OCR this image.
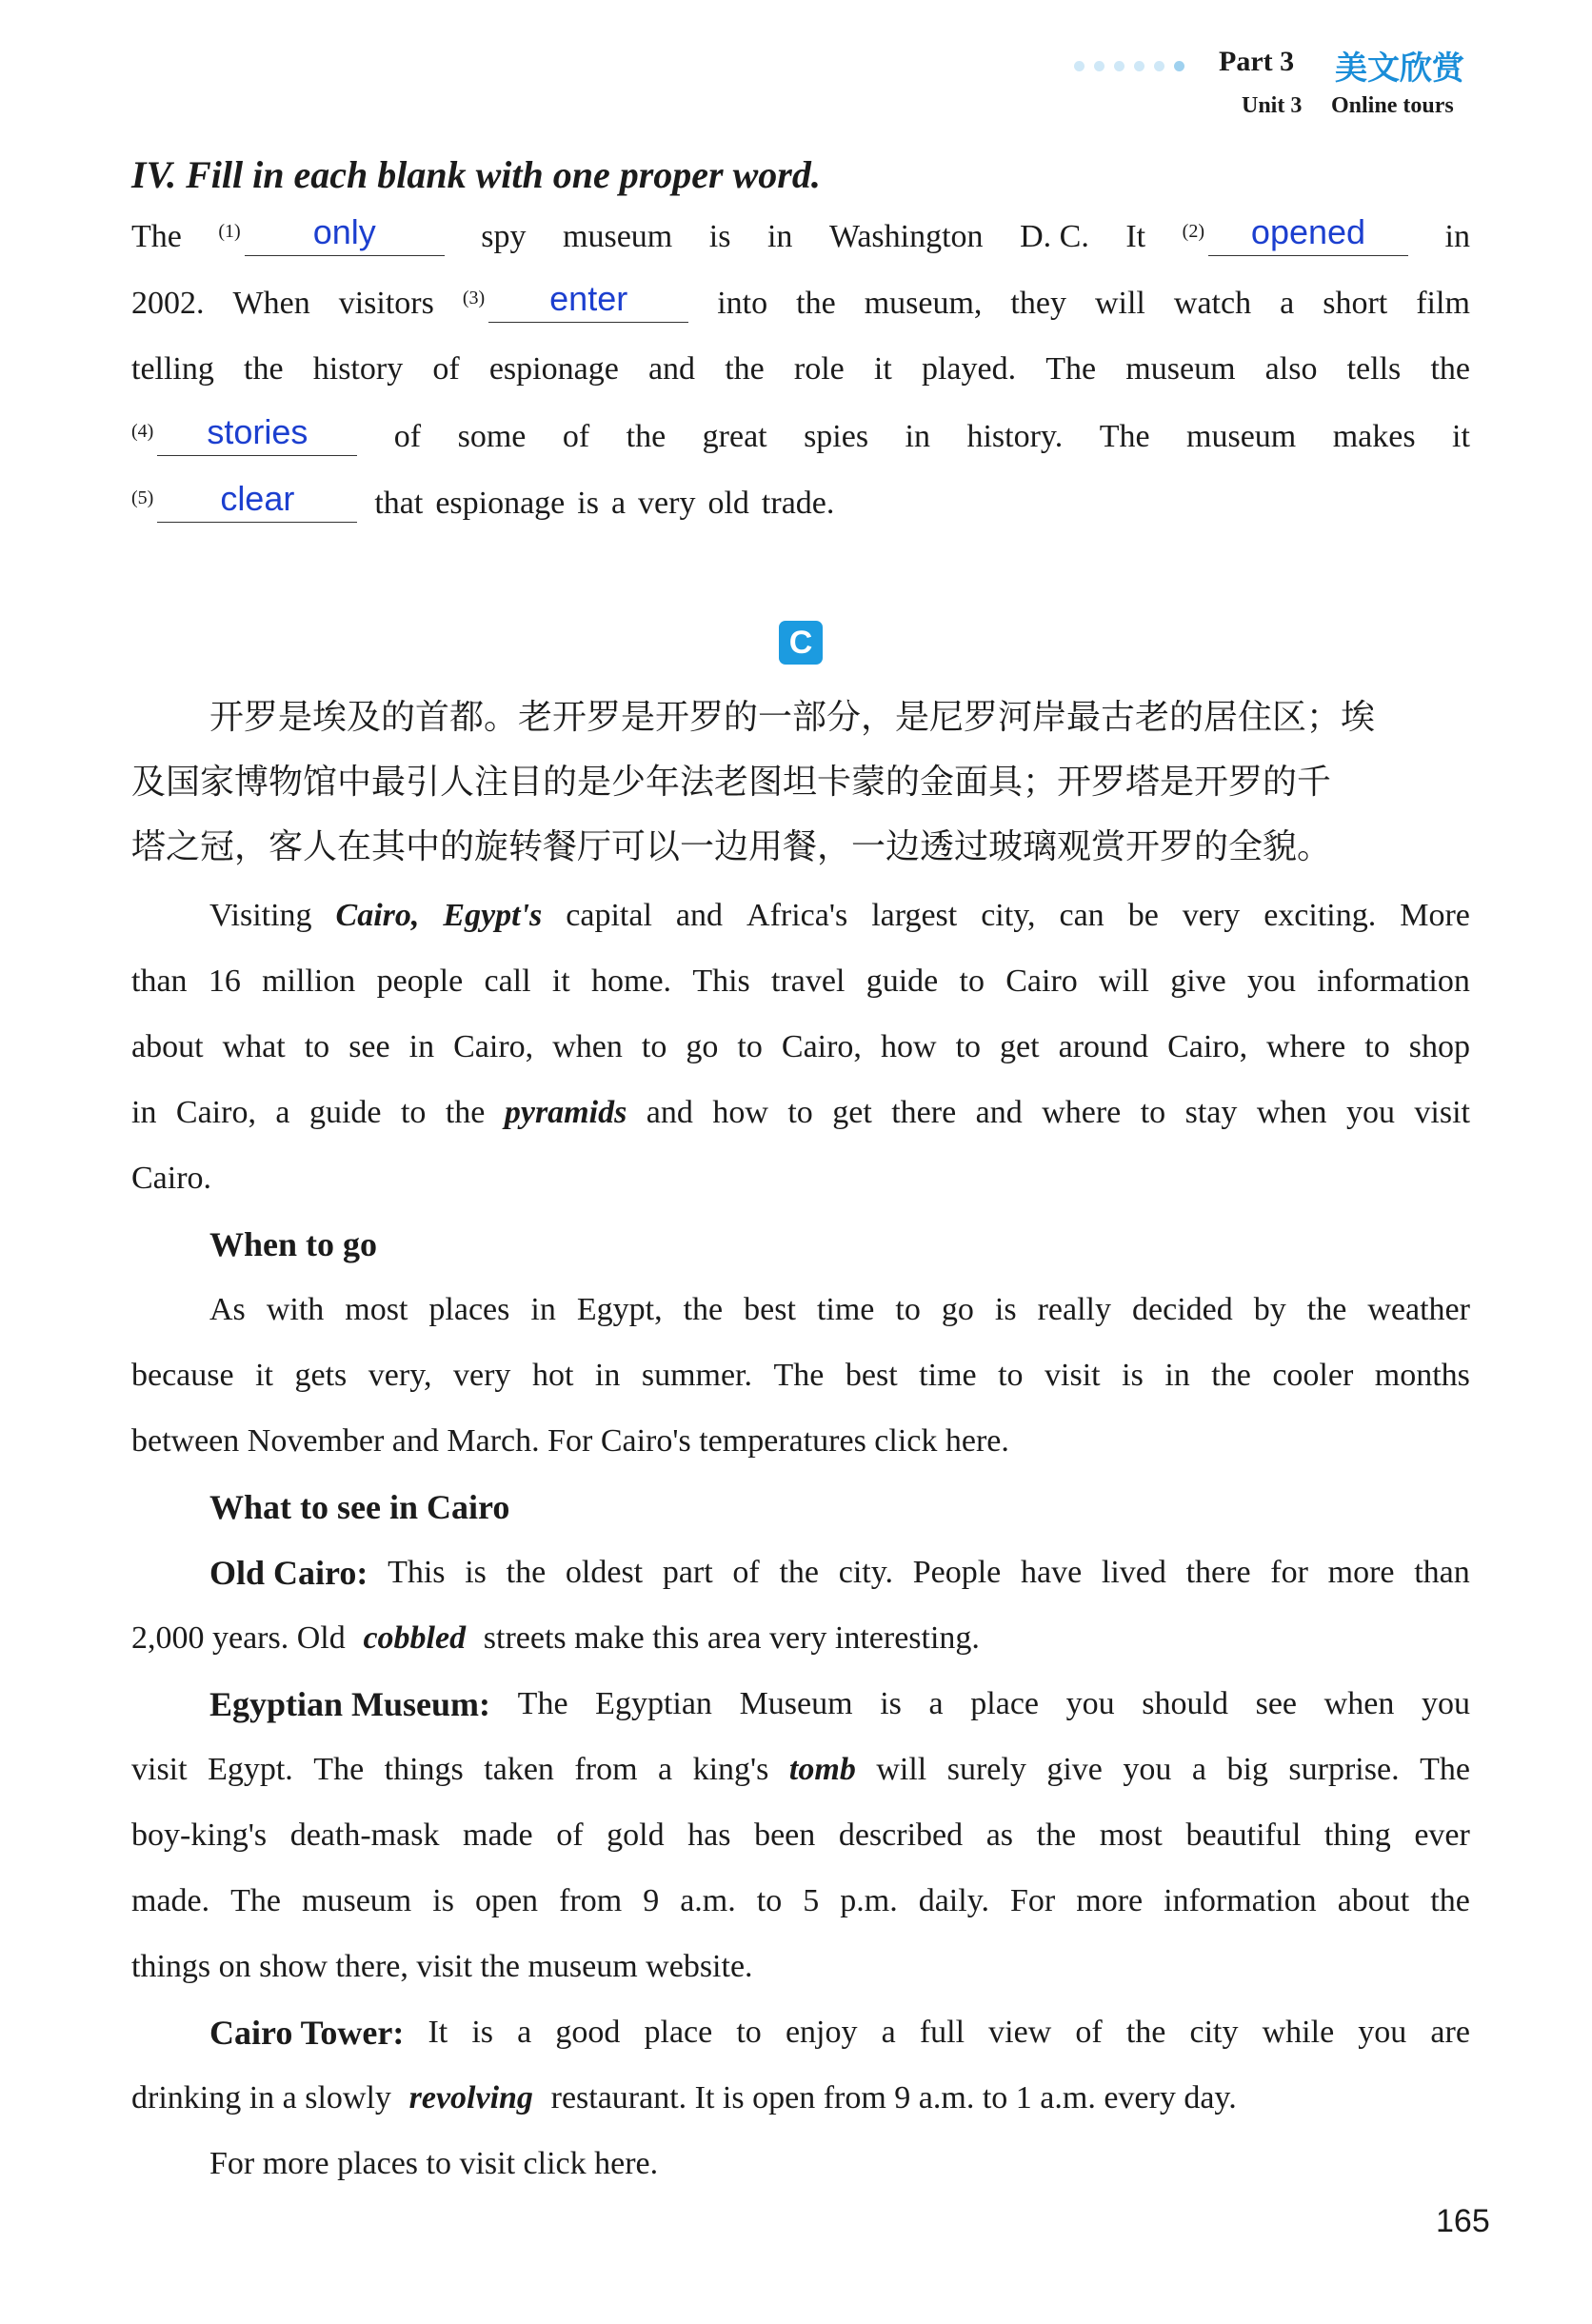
Part 3 美文欣赏
Unit 3 Online tours
IV. Fill in each blank with one proper word.
The (1)	only	spy museum is in Washington D. C. It (2)	opened	in
2002. When visitors (3)	enter	into the museum, they will watch a short film
telling the history of espionage and the role it played. The museum also tells the
(4)	stories	of some of the great spies in history. The museum makes it
(5)	clear	that espionage is a very old trade.
C
开罗是埃及的首都。老开罗是开罗的一部分，是尼罗河岸最古老的居住区；埃
及国家博物馆中最引人注目的是少年法老图坦卡蒙的金面具；开罗塔是开罗的千
塔之冠，客人在其中的旋转餐厅可以一边用餐，一边透过玻璃观赏开罗的全貌。
Visiting Cairo, Egypt's capital and Africa's largest city, can be very exciting. More
than 16 million people call it home. This travel guide to Cairo will give you information
about what to see in Cairo, when to go to Cairo, how to get around Cairo, where to shop
in Cairo, a guide to the pyramids and how to get there and where to stay when you visit
Cairo.
When to go
As with most places in Egypt, the best time to go is really decided by the weather
because it gets very, very hot in summer. The best time to visit is in the cooler months
between November and March. For Cairo's temperatures click here.
What to see in Cairo
Old Cairo: This is the oldest part of the city. People have lived there for more than
2,000 years. Old cobbled streets make this area very interesting.
Egyptian Museum: The Egyptian Museum is a place you should see when you
visit Egypt. The things taken from a king's tomb will surely give you a big surprise. The
boy-king's death-mask made of gold has been described as the most beautiful thing ever
made. The museum is open from 9 a.m. to 5 p.m. daily. For more information about the
things on show there, visit the museum website.
Cairo Tower: It is a good place to enjoy a full view of the city while you are
drinking in a slowly revolving restaurant. It is open from 9 a.m. to 1 a.m. every day.
For more places to visit click here.
165
